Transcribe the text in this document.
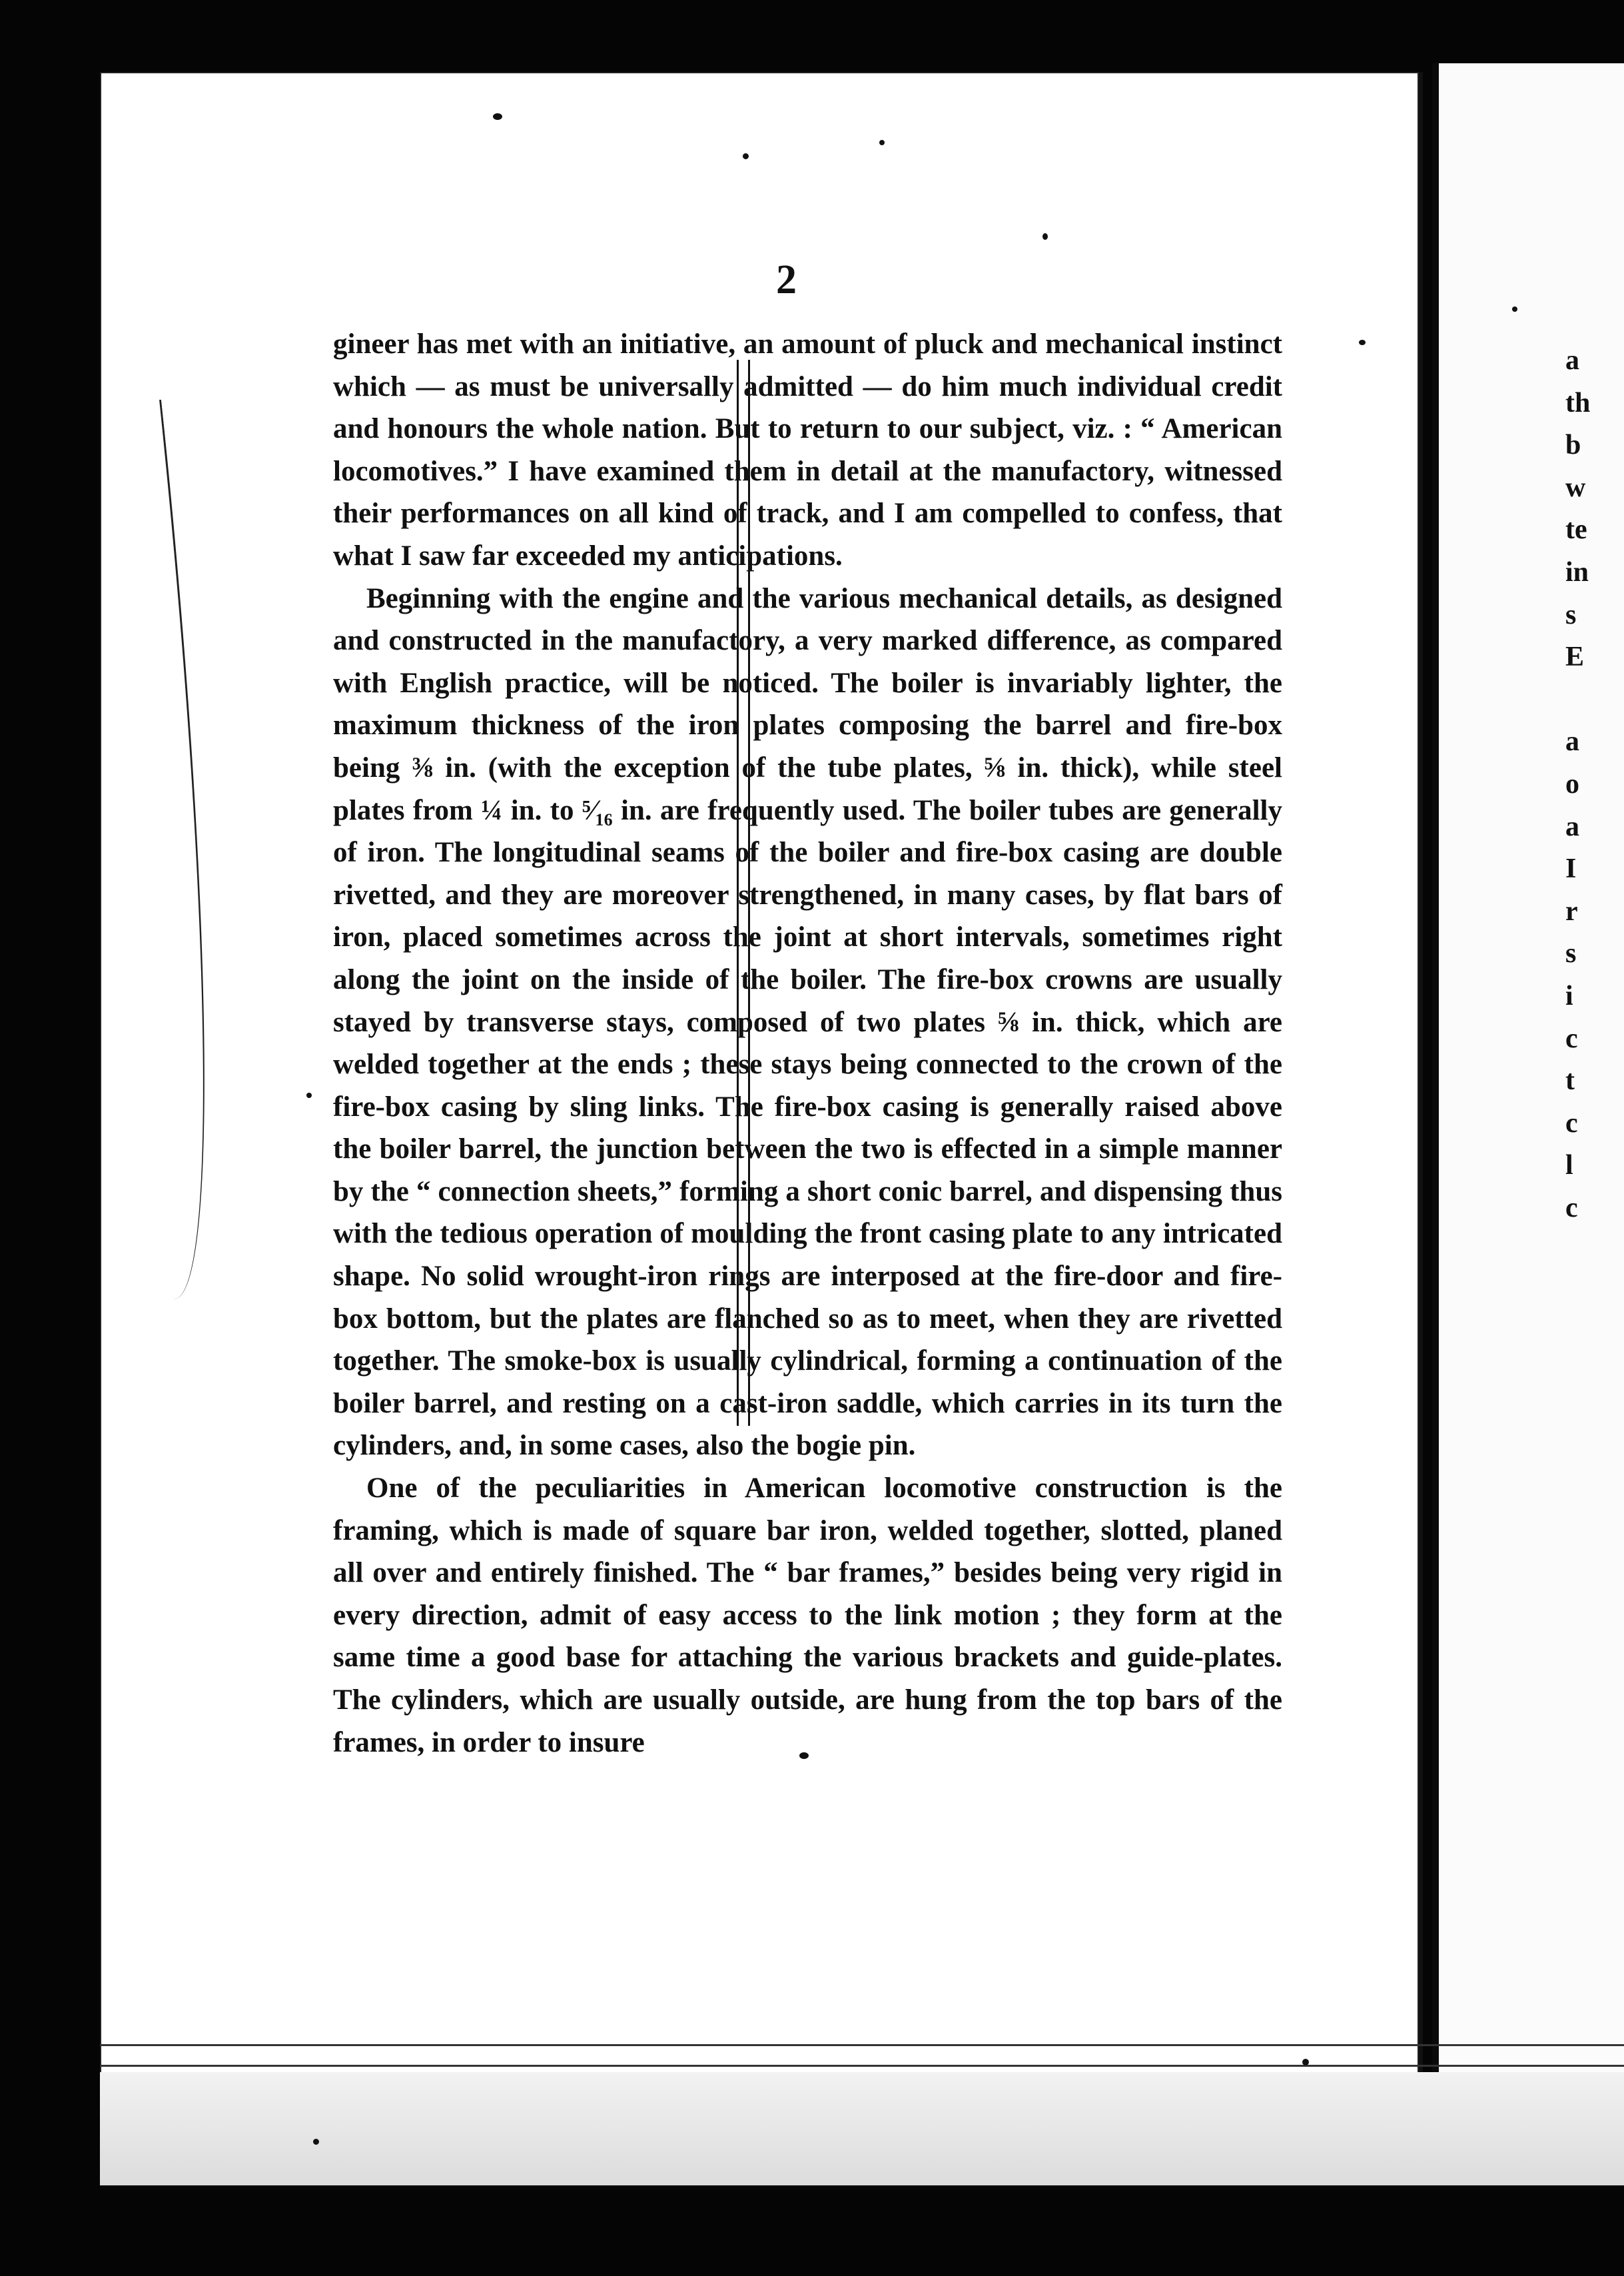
2

gineer has met with an initiative, an amount of pluck and mechanical instinct which — as must be universally admitted — do him much individual credit and honours the whole nation. But to return to our subject, viz. : “ American locomotives.” I have examined them in detail at the manufactory, witnessed their performances on all kind of track, and I am compelled to confess, that what I saw far exceeded my anticipations.

Beginning with the engine and the various mechanical details, as designed and constructed in the manufactory, a very marked difference, as compared with English practice, will be noticed. The boiler is invariably lighter, the maximum thickness of the iron plates composing the barrel and fire-box being ⅜ in. (with the exception of the tube plates, ⅝ in. thick), while steel plates from ¼ in. to ⁵⁄₁₆ in. are frequently used. The boiler tubes are generally of iron. The longitudinal seams of the boiler and fire-box casing are double rivetted, and they are moreover strengthened, in many cases, by flat bars of iron, placed sometimes across the joint at short intervals, sometimes right along the joint on the inside of the boiler. The fire-box crowns are usually stayed by transverse stays, composed of two plates ⅝ in. thick, which are welded together at the ends ; these stays being connected to the crown of the fire-box casing by sling links. The fire-box casing is generally raised above the boiler barrel, the junction between the two is effected in a simple manner by the “ connection sheets,” forming a short conic barrel, and dispensing thus with the tedious operation of moulding the front casing plate to any intricated shape. No solid wrought-iron rings are interposed at the fire-door and fire-box bottom, but the plates are flanched so as to meet, when they are rivetted together. The smoke-box is usually cylindrical, forming a continuation of the boiler barrel, and resting on a cast-iron saddle, which carries in its turn the cylinders, and, in some cases, also the bogie pin.

One of the peculiarities in American locomotive construction is the framing, which is made of square bar iron, welded together, slotted, planed all over and entirely finished. The “ bar frames,” besides being very rigid in every direction, admit of easy access to the link motion ; they form at the same time a good base for attaching the various brackets and guide-plates. The cylinders, which are usually outside, are hung from the top bars of the frames, in order to insure

a
th
b
w
te
in
s
E
a
o
a
I
r
s
i
c
t
c
l
c
